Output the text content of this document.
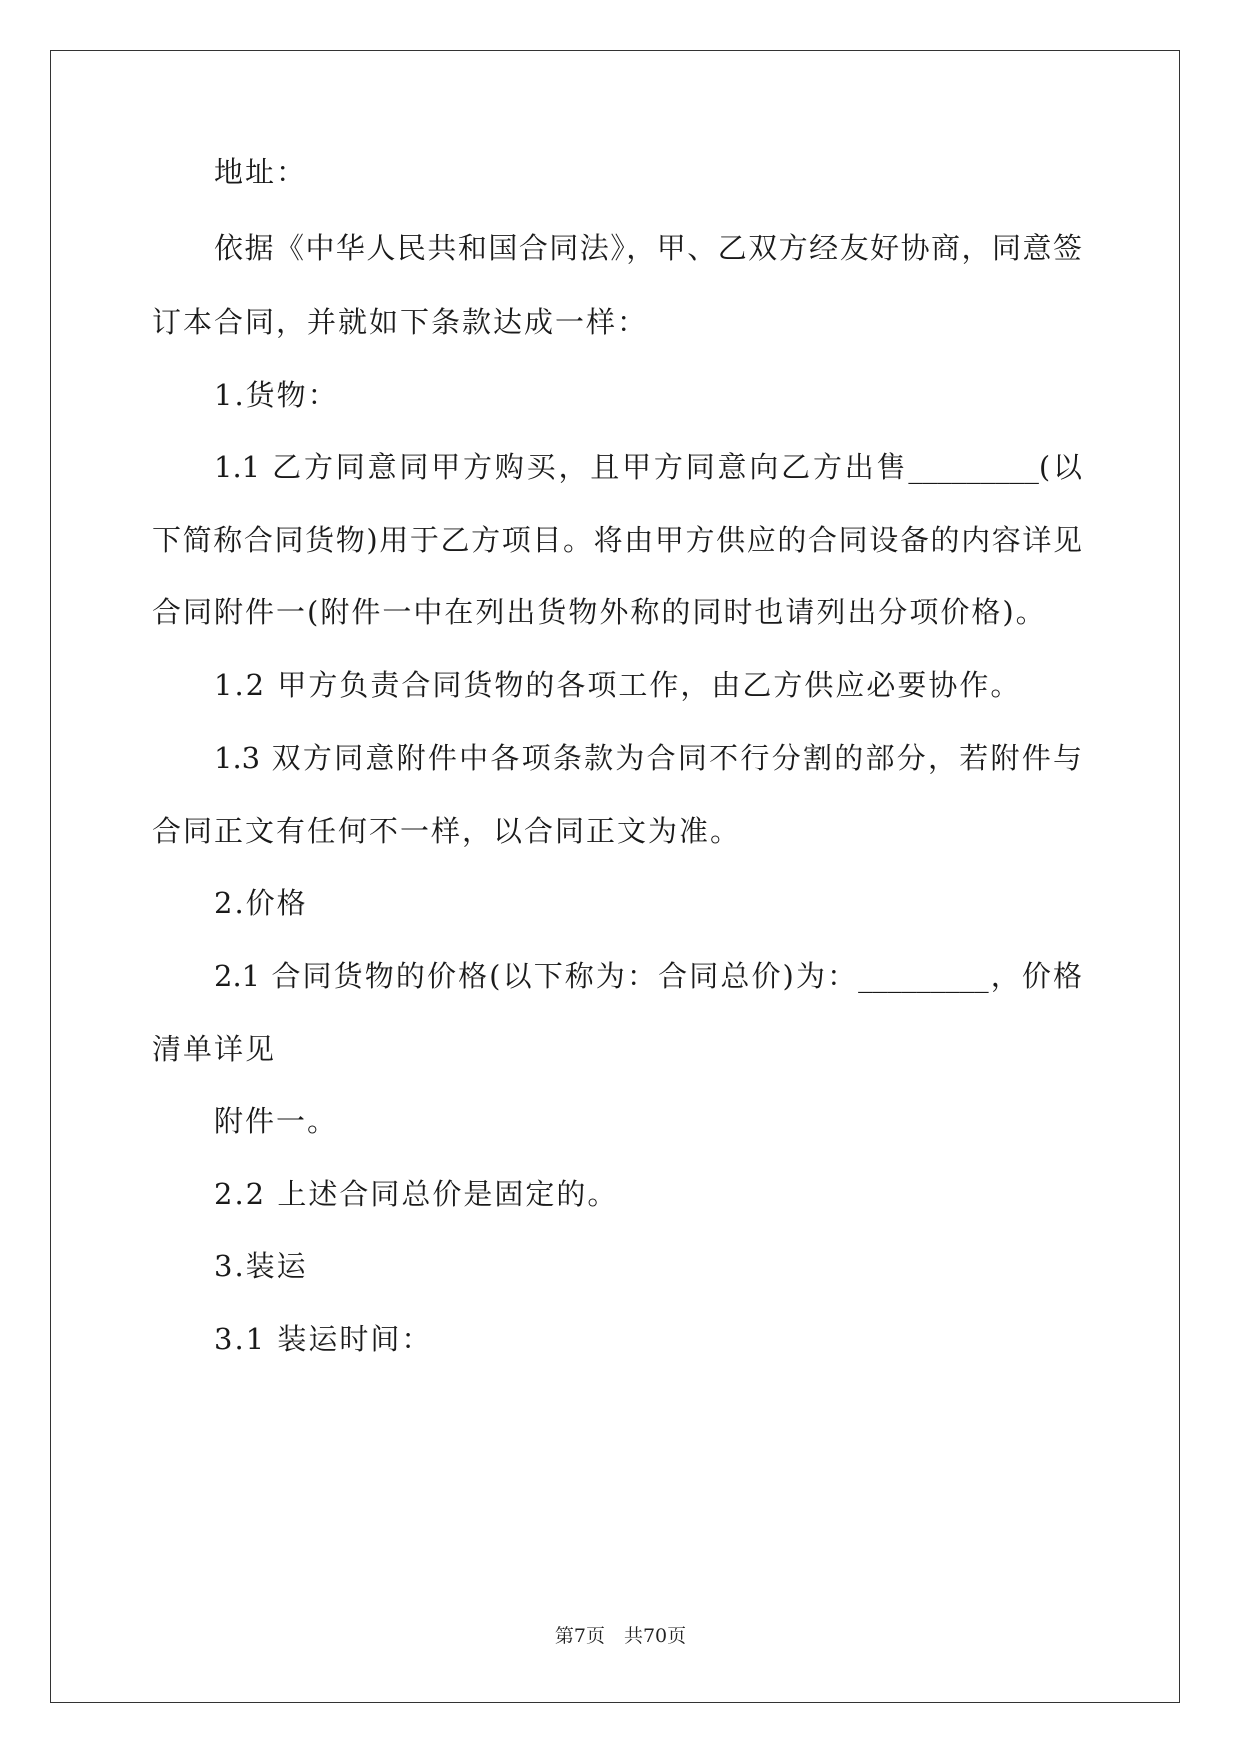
地址：
依据《中华人民共和国合同法》，甲、乙双方经友好协商，同意签
订本合同，并就如下条款达成一样：
1.货物：
1.1 乙方同意同甲方购买，且甲方同意向乙方出售_________(以
下简称合同货物)用于乙方项目。将由甲方供应的合同设备的内容详见
合同附件一(附件一中在列出货物外称的同时也请列出分项价格)。
1.2 甲方负责合同货物的各项工作，由乙方供应必要协作。
1.3 双方同意附件中各项条款为合同不行分割的部分，若附件与
合同正文有任何不一样，以合同正文为准。
2.价格
2.1 合同货物的价格(以下称为：合同总价)为：_________，价格
清单详见
附件一。
2.2 上述合同总价是固定的。
3.装运
3.1 装运时间：
第7页　共70页
